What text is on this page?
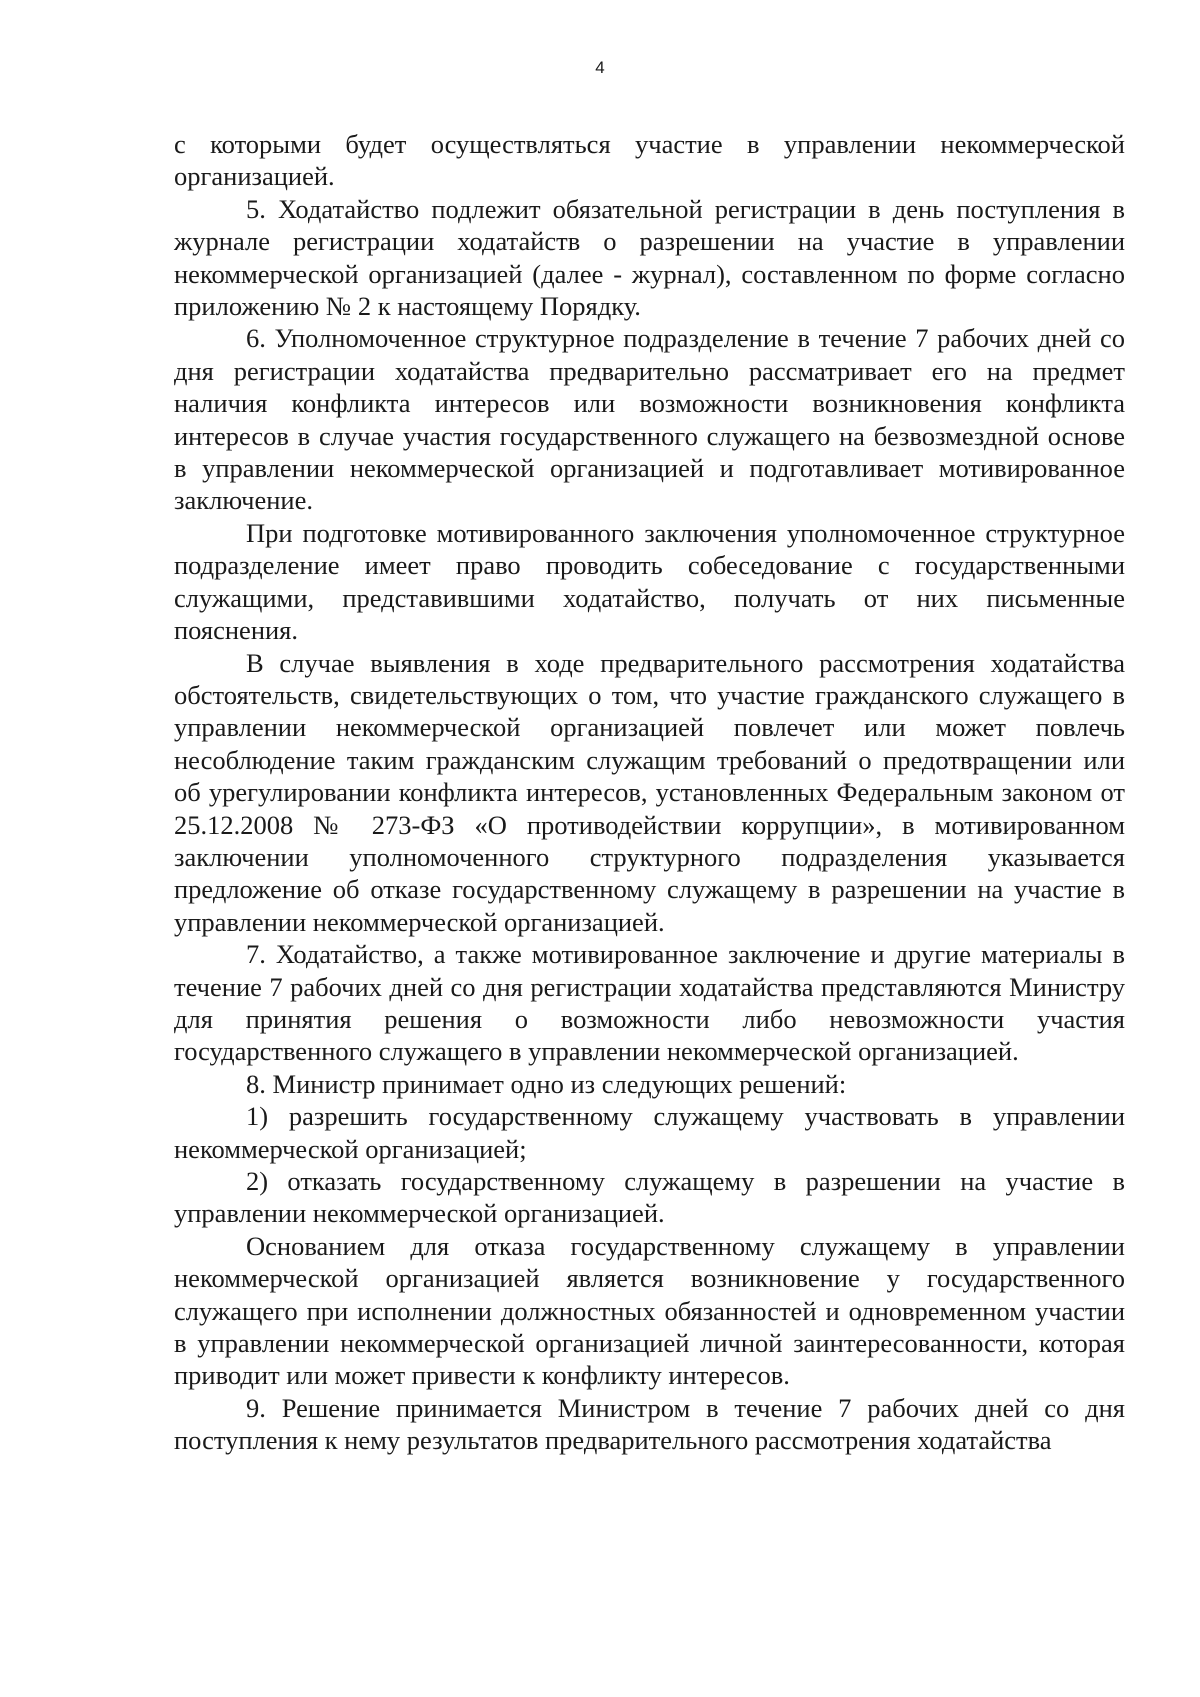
4

с которыми будет осуществляться участие в управлении некоммерческой организацией.

5. Ходатайство подлежит обязательной регистрации в день поступления в журнале регистрации ходатайств о разрешении на участие в управлении некоммерческой организацией (далее - журнал), составленном по форме согласно приложению № 2 к настоящему Порядку.

6. Уполномоченное структурное подразделение в течение 7 рабочих дней со дня регистрации ходатайства предварительно рассматривает его на предмет наличия конфликта интересов или возможности возникновения конфликта интересов в случае участия государственного служащего на безвозмездной основе в управлении некоммерческой организацией и подготавливает мотивированное заключение.

При подготовке мотивированного заключения уполномоченное структурное подразделение имеет право проводить собеседование с государственными служащими, представившими ходатайство, получать от них письменные пояснения.

В случае выявления в ходе предварительного рассмотрения ходатайства обстоятельств, свидетельствующих о том, что участие гражданского служащего в управлении некоммерческой организацией повлечет или может повлечь несоблюдение таким гражданским служащим требований о предотвращении или об урегулировании конфликта интересов, установленных Федеральным законом от 25.12.2008 № 273-ФЗ «О противодействии коррупции», в мотивированном заключении уполномоченного структурного подразделения указывается предложение об отказе государственному служащему в разрешении на участие в управлении некоммерческой организацией.

7. Ходатайство, а также мотивированное заключение и другие материалы в течение 7 рабочих дней со дня регистрации ходатайства представляются Министру для принятия решения о возможности либо невозможности участия государственного служащего в управлении некоммерческой организацией.

8. Министр принимает одно из следующих решений:

1) разрешить государственному служащему участвовать в управлении некоммерческой организацией;

2) отказать государственному служащему в разрешении на участие в управлении некоммерческой организацией.

Основанием для отказа государственному служащему в управлении некоммерческой организацией является возникновение у государственного служащего при исполнении должностных обязанностей и одновременном участии в управлении некоммерческой организацией личной заинтересованности, которая приводит или может привести к конфликту интересов.

9. Решение принимается Министром в течение 7 рабочих дней со дня поступления к нему результатов предварительного рассмотрения ходатайства
